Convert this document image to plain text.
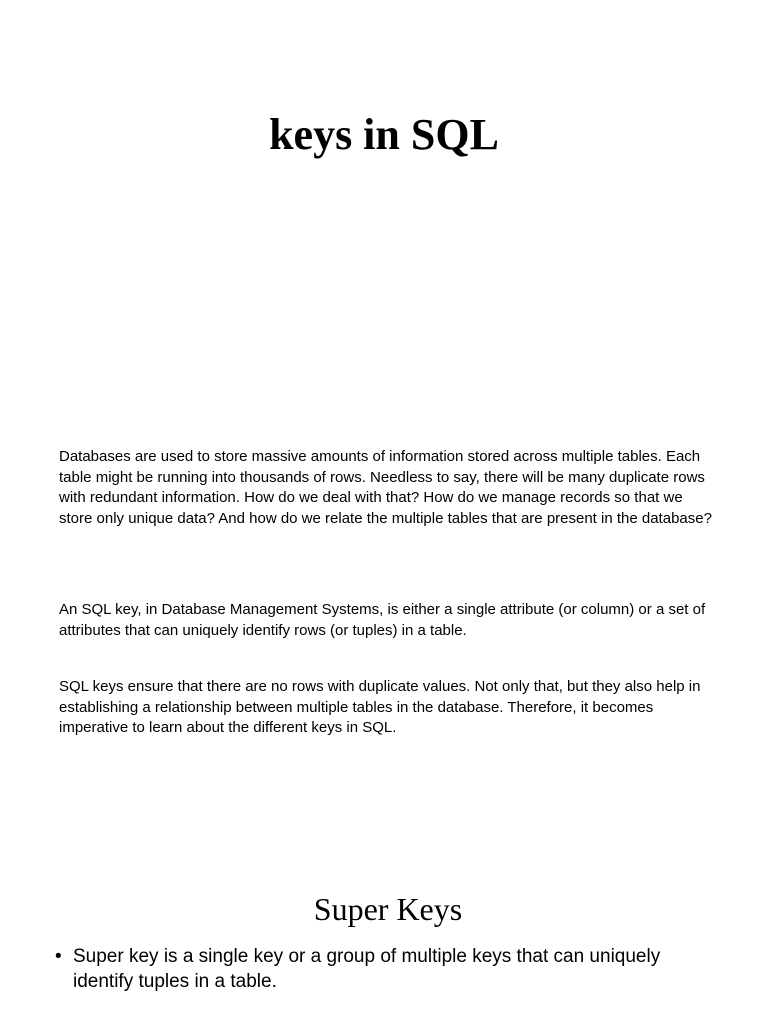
keys in SQL

Databases are used to store massive amounts of information stored across multiple tables. Each table might be running into thousands of rows. Needless to say, there will be many duplicate rows with redundant information. How do we deal with that? How do we manage records so that we store only unique data? And how do we relate the multiple tables that are present in the database?

An SQL key, in Database Management Systems, is either a single attribute (or column) or a set of attributes that can uniquely identify rows (or tuples) in a table.

SQL keys ensure that there are no rows with duplicate values. Not only that, but they also help in establishing a relationship between multiple tables in the database. Therefore, it becomes imperative to learn about the different keys in SQL.

Super Keys
• Super key is a single key or a group of multiple keys that can uniquely identify tuples in a table.
